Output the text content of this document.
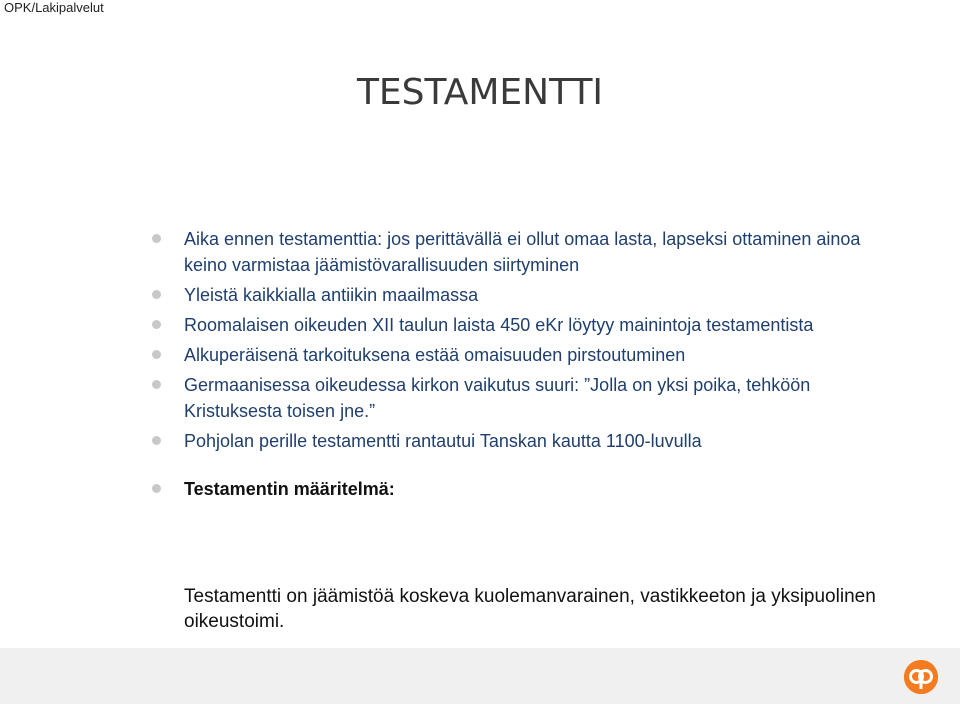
OPK/Lakipalvelut
TESTAMENTTI
Aika ennen testamenttia: jos perittävällä ei ollut omaa lasta, lapseksi ottaminen ainoa keino varmistaa jäämistövarallisuuden siirtyminen
Yleistä kaikkialla antiikin maailmassa
Roomalaisen oikeuden XII taulun laista 450 eKr löytyy mainintoja testamentista
Alkuperäisenä tarkoituksena estää omaisuuden pirstoutuminen
Germaanisessa oikeudessa kirkon vaikutus suuri: ”Jolla on yksi poika, tehköön Kristuksesta toisen jne.”
Pohjolan perille testamentti rantautui Tanskan kautta 1100-luvulla
Testamentin määritelmä:
Testamentti on jäämistöä koskeva kuolemanvarainen, vastikkeeton ja yksipuolinen oikeustoimi.
